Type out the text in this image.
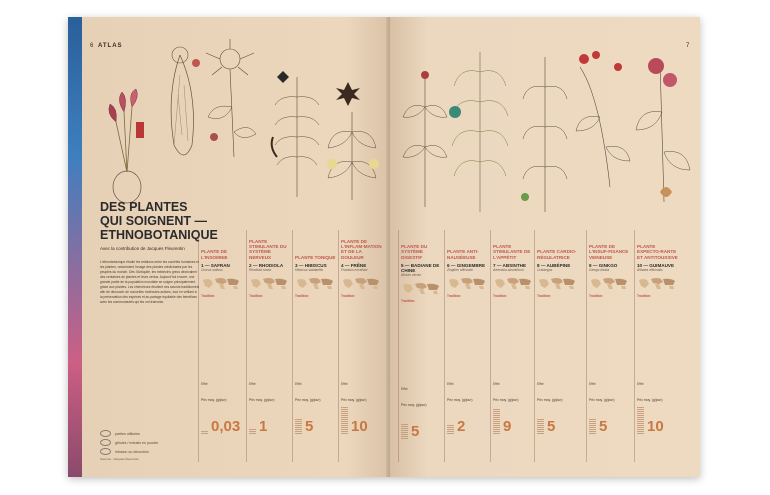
ATLAS
6
DES PLANTES
QUI SOIGNENT —
ETHNOBOTANIQUE
Avec la contribution de Jacques Fleurentin
L'ethnobotanique étudie les relations entre les sociétés humaines et les plantes, notamment l'usage des plantes médicinales par les peuples du monde. Dès l'Antiquité, les médecins grecs décrivaient des centaines de plantes et leurs vertus. Aujourd'hui encore, une grande partie de la population mondiale se soigne principalement grâce aux plantes. Les chercheurs étudient ces savoirs traditionnels afin de découvrir de nouvelles molécules actives, tout en veillant à la préservation des espèces et au partage équitable des bénéfices avec les communautés qui les ont transmis.
parties utilisées
gélules / extraits en poudre
infusion ou décoction
Sources : Jacques Fleurentin
7
PLANTE DE L'INSOMNIE
1 — SAFRAN
Crocus sativus
Tradition
Effet
Prix moy. (g/jour)
0,03
PLANTE STIMULANTE DU SYSTÈME NERVEUX
2 — RHODIOLA
Rhodiola rosea
Tradition
Effet
Prix moy. (g/jour)
1
PLANTE TONIQUE
3 — HIBISCUS
Hibiscus sabdariffa
Tradition
Effet
Prix moy. (g/jour)
5
PLANTE DE L'INFLAM-MATION ET DE LA DOULEUR
4 — FRÊNE
Fraxinus excelsior
Tradition
Effet
Prix moy. (g/jour)
10
PLANTE DU SYSTÈME DIGESTIF
5 — BADIANE DE CHINE
Illicium verum
Tradition
Effet
Prix moy. (g/jour)
5
PLANTE ANTI-NAUSÉEUSE
6 — GINGEMBRE
Zingiber officinale
Tradition
Effet
Prix moy. (g/jour)
2
PLANTE STIMULANTE DE L'APPÉTIT
7 — ABSINTHE
Artemisia absinthium
Tradition
Effet
Prix moy. (g/jour)
9
PLANTE CARDIO-RÉGULATRICE
8 — AUBÉPINE
Crataegus
Tradition
Effet
Prix moy. (g/jour)
5
PLANTE DE L'INSUF-FISANCE VEINEUSE
9 — GINKGO
Ginkgo biloba
Tradition
Effet
Prix moy. (g/jour)
5
PLANTE EXPECTO-RANTE ET ANTITOUSSIVE
10 — GUIMAUVE
Althaea officinalis
Tradition
Effet
Prix moy. (g/jour)
10
